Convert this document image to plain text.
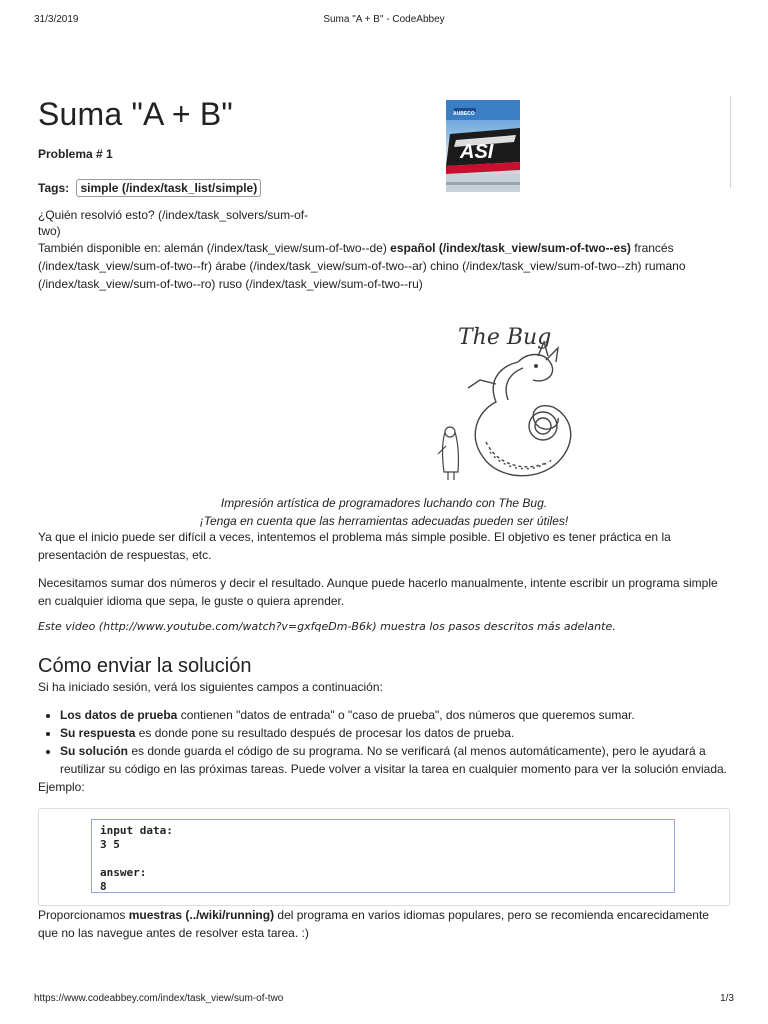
31/3/2019	Suma "A + B" - CodeAbbey
Suma "A + B"	AUBECO
ASI
Problema # 1
Tags: simple (/index/task_list/simple)
¿Quién resolvió esto? (/index/task_solvers/sum-of-two)

También disponible en: alemán (/index/task_view/sum-of-two--de) español (/index/task_view/sum-of-two--es) francés (/index/task_view/sum-of-two--fr) árabe (/index/task_view/sum-of-two--ar) chino (/index/task_view/sum-of-two--zh) rumano (/index/task_view/sum-of-two--ro) ruso (/index/task_view/sum-of-two--ru)

The Bug
Impresión artística de programadores luchando con The Bug.
¡Tenga en cuenta que las herramientas adecuadas pueden ser útiles!

Ya que el inicio puede ser difícil a veces, intentemos el problema más simple posible. El objetivo es tener práctica en la presentación de respuestas, etc.

Necesitamos sumar dos números y decir el resultado. Aunque puede hacerlo manualmente, intente escribir un programa simple en cualquier idioma que sepa, le guste o quiera aprender.

Este video (http://www.youtube.com/watch?v=gxfqeDm-B6k) muestra los pasos descritos más adelante.
Cómo enviar la solución

Si ha iniciado sesión, verá los siguientes campos a continuación:

• Los datos de prueba contienen "datos de entrada" o "caso de prueba", dos números que queremos sumar.
• Su respuesta es donde pone su resultado después de procesar los datos de prueba.
• Su solución es donde guarda el código de su programa. No se verificará (al menos automáticamente), pero le ayudará a reutilizar su código en las próximas tareas. Puede volver a visitar la tarea en cualquier momento para ver la solución enviada.

Ejemplo:

input data:
3 5

answer:
8

Proporcionamos muestras (../wiki/running) del programa en varios idiomas populares, pero se recomienda encarecidamente que no las navegue antes de resolver esta tarea. :)

https://www.codeabbey.com/index/task_view/sum-of-two	1/3
